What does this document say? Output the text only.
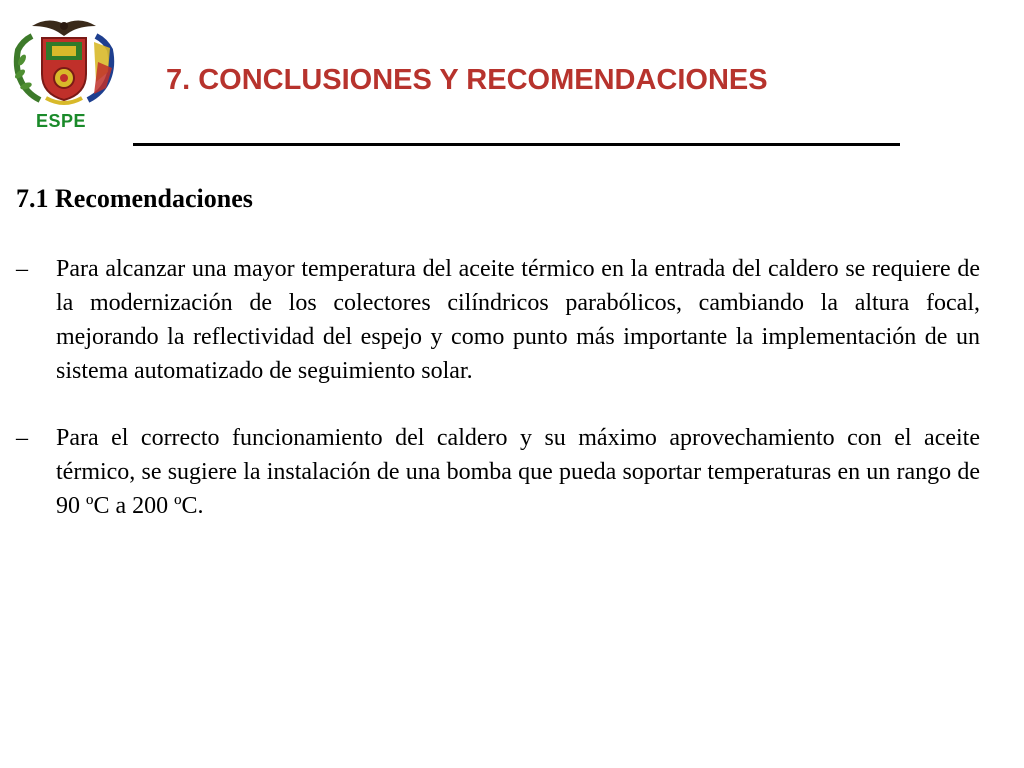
ESPE
7. CONCLUSIONES Y RECOMENDACIONES
7.1 Recomendaciones
– Para alcanzar una mayor temperatura del aceite térmico en la entrada del caldero se requiere de la modernización de los colectores cilíndricos parabólicos, cambiando la altura focal, mejorando la reflectividad del espejo y como punto más importante la implementación de un sistema automatizado de seguimiento solar.
– Para el correcto funcionamiento del caldero y su máximo aprovechamiento con el aceite térmico, se sugiere la instalación de una bomba que pueda soportar temperaturas en un rango de 90 ºC a 200 ºC.
